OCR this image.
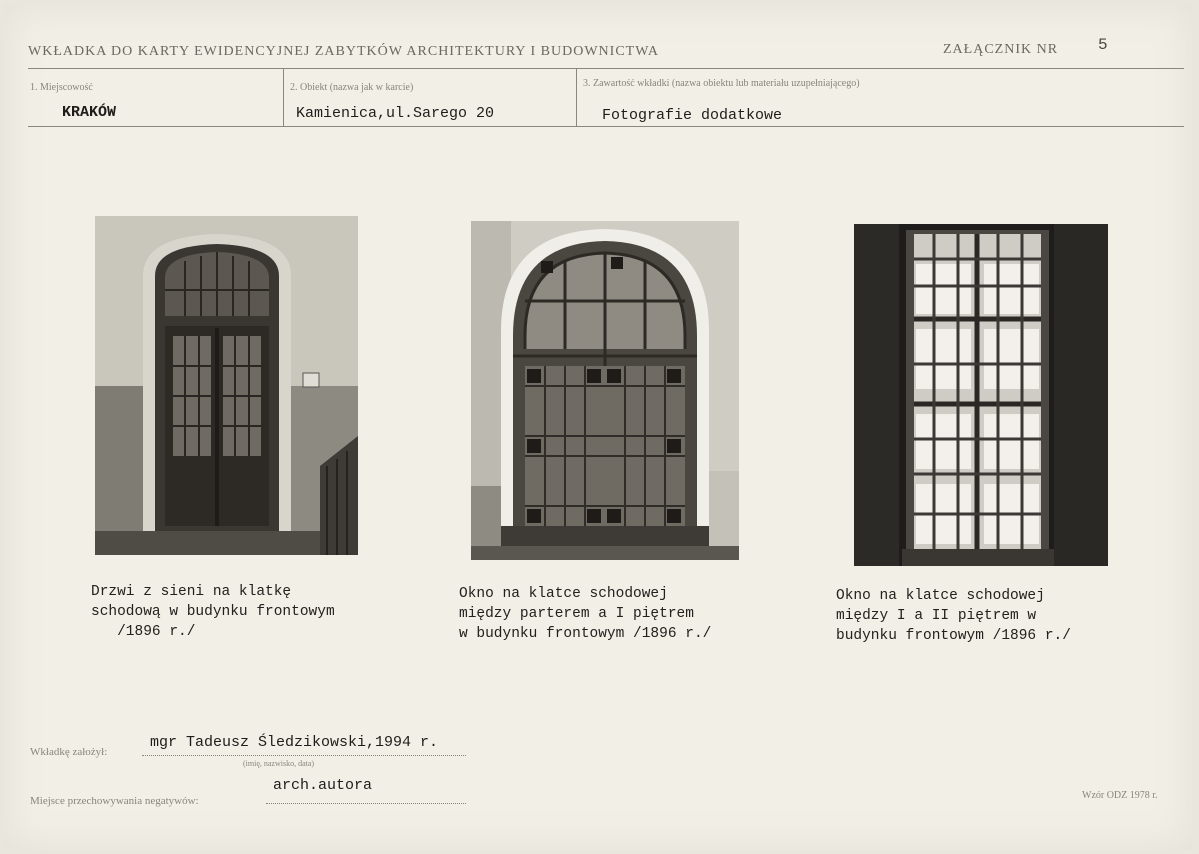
WKŁADKA DO KARTY EWIDENCYJNEJ ZABYTKÓW ARCHITEKTURY I BUDOWNICTWA	ZAŁĄCZNIK NR 5
1. Miejscowość
KRAKÓW
2. Obiekt (nazwa jak w karcie)
Kamienica,ul.Sarego 20
3. Zawartość wkładki (nazwa obiektu lub materiału uzupełniającego)
Fotografie dodatkowe
Drzwi z sieni na klatkę
schodową w budynku frontowym
/1896 r./
Okno na klatce schodowej
między parterem a I piętrem
w budynku frontowym /1896 r./
Okno na klatce schodowej
między I a II piętrem w
budynku frontowym /1896 r./
Wkładkę założył:
mgr Tadeusz Śledzikowski,1994 r.
(imię, nazwisko, data)
Miejsce przechowywania negatywów:
arch.autora
Wzór ODZ 1978 r.
